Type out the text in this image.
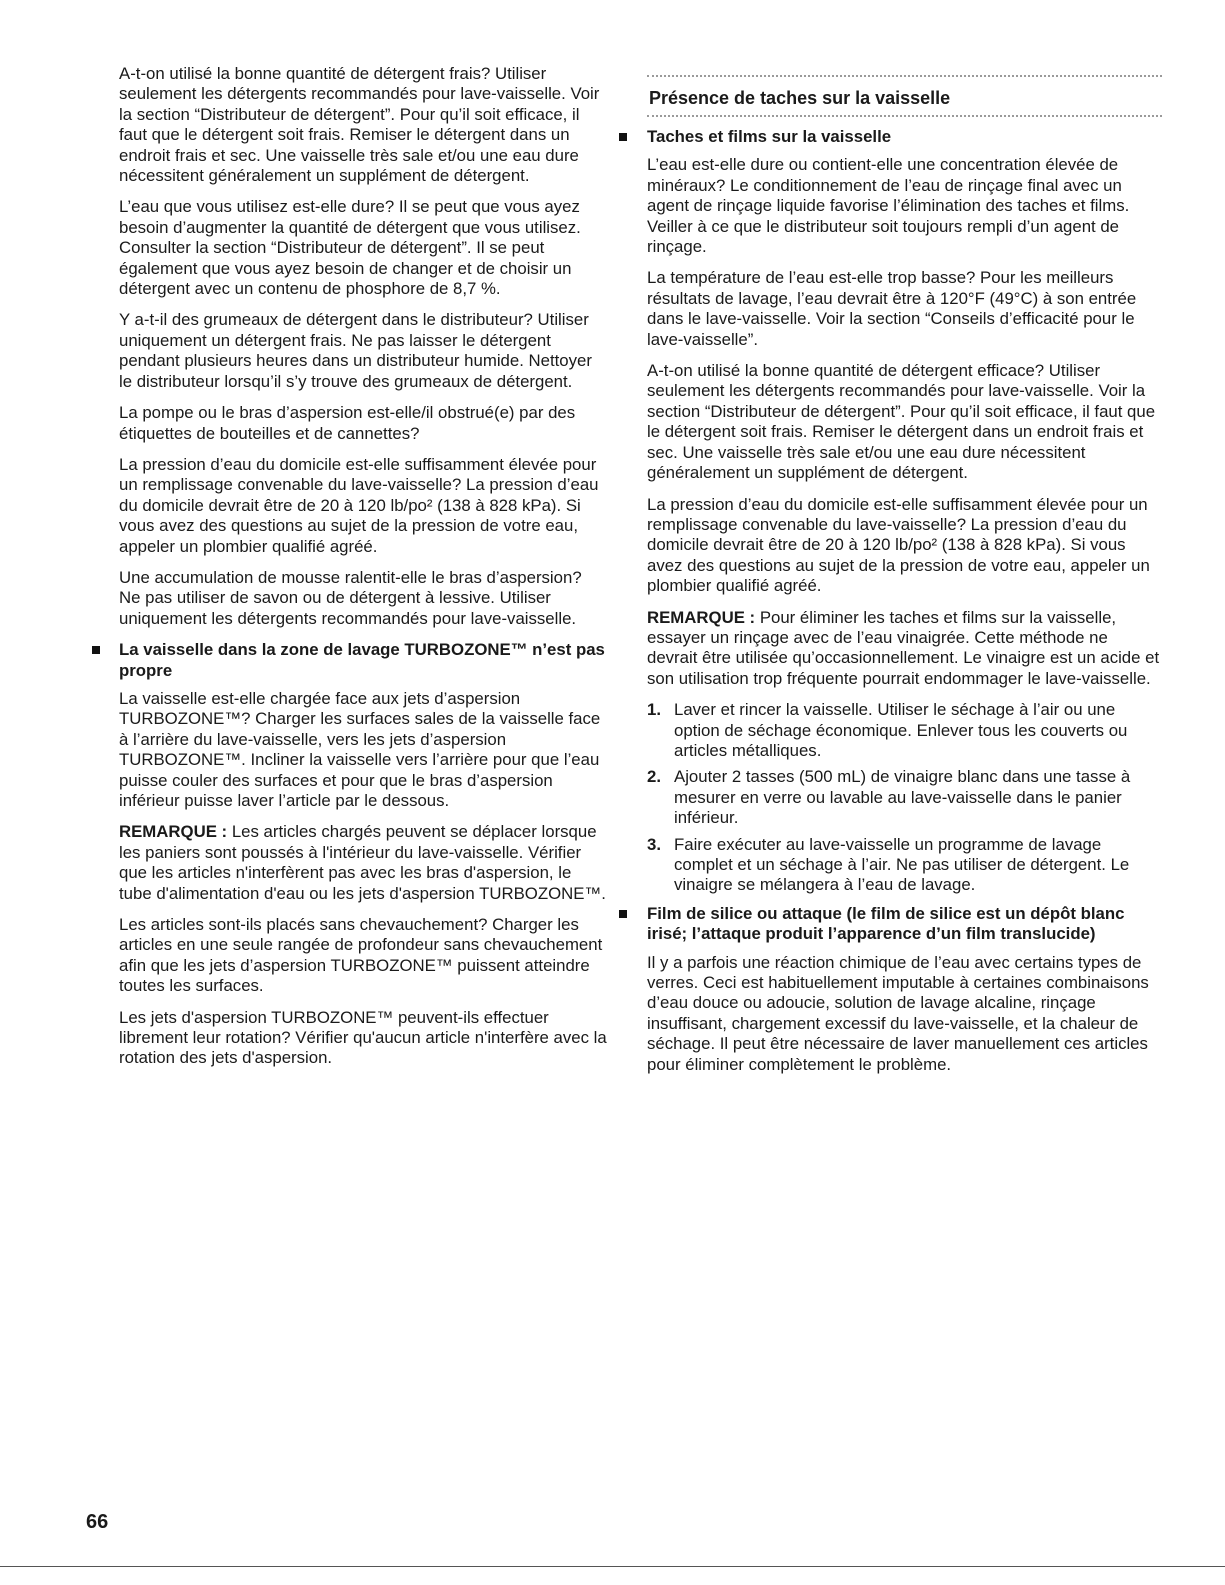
A-t-on utilisé la bonne quantité de détergent frais? Utiliser seulement les détergents recommandés pour lave-vaisselle. Voir la section “Distributeur de détergent”. Pour qu’il soit efficace, il faut que le détergent soit frais. Remiser le détergent dans un endroit frais et sec. Une vaisselle très sale et/ou une eau dure nécessitent généralement un supplément de détergent.

L’eau que vous utilisez est-elle dure? Il se peut que vous ayez besoin d’augmenter la quantité de détergent que vous utilisez. Consulter la section “Distributeur de détergent”. Il se peut également que vous ayez besoin de changer et de choisir un détergent avec un contenu de phosphore de 8,7 %.

Y a-t-il des grumeaux de détergent dans le distributeur? Utiliser uniquement un détergent frais. Ne pas laisser le détergent pendant plusieurs heures dans un distributeur humide. Nettoyer le distributeur lorsqu’il s’y trouve des grumeaux de détergent.

La pompe ou le bras d’aspersion est-elle/il obstrué(e) par des étiquettes de bouteilles et de cannettes?

La pression d’eau du domicile est-elle suffisamment élevée pour un remplissage convenable du lave-vaisselle? La pression d’eau du domicile devrait être de 20 à 120 lb/po² (138 à 828 kPa). Si vous avez des questions au sujet de la pression de votre eau, appeler un plombier qualifié agréé.

Une accumulation de mousse ralentit-elle le bras d’aspersion? Ne pas utiliser de savon ou de détergent à lessive. Utiliser uniquement les détergents recommandés pour lave-vaisselle.

La vaisselle dans la zone de lavage TURBOZONE™ n’est pas propre

La vaisselle est-elle chargée face aux jets d’aspersion TURBOZONE™? Charger les surfaces sales de la vaisselle face à l’arrière du lave-vaisselle, vers les jets d’aspersion TURBOZONE™. Incliner la vaisselle vers l’arrière pour que l’eau puisse couler des surfaces et pour que le bras d’aspersion inférieur puisse laver l’article par le dessous.

REMARQUE : Les articles chargés peuvent se déplacer lorsque les paniers sont poussés à l'intérieur du lave-vaisselle. Vérifier que les articles n'interfèrent pas avec les bras d'aspersion, le tube d'alimentation d'eau ou les jets d'aspersion TURBOZONE™.

Les articles sont-ils placés sans chevauchement? Charger les articles en une seule rangée de profondeur sans chevauchement afin que les jets d’aspersion TURBOZONE™ puissent atteindre toutes les surfaces.

Les jets d'aspersion TURBOZONE™ peuvent-ils effectuer librement leur rotation? Vérifier qu'aucun article n'interfère avec la rotation des jets d'aspersion.

Présence de taches sur la vaisselle
Taches et films sur la vaisselle

L’eau est-elle dure ou contient-elle une concentration élevée de minéraux? Le conditionnement de l’eau de rinçage final avec un agent de rinçage liquide favorise l’élimination des taches et films. Veiller à ce que le distributeur soit toujours rempli d’un agent de rinçage.

La température de l’eau est-elle trop basse? Pour les meilleurs résultats de lavage, l’eau devrait être à 120°F (49°C) à son entrée dans le lave-vaisselle. Voir la section “Conseils d’efficacité pour le lave-vaisselle”.

A-t-on utilisé la bonne quantité de détergent efficace? Utiliser seulement les détergents recommandés pour lave-vaisselle. Voir la section “Distributeur de détergent”. Pour qu’il soit efficace, il faut que le détergent soit frais. Remiser le détergent dans un endroit frais et sec. Une vaisselle très sale et/ou une eau dure nécessitent généralement un supplément de détergent.

La pression d’eau du domicile est-elle suffisamment élevée pour un remplissage convenable du lave-vaisselle? La pression d’eau du domicile devrait être de 20 à 120 lb/po² (138 à 828 kPa). Si vous avez des questions au sujet de la pression de votre eau, appeler un plombier qualifié agréé.

REMARQUE : Pour éliminer les taches et films sur la vaisselle, essayer un rinçage avec de l’eau vinaigrée. Cette méthode ne devrait être utilisée qu’occasionnellement. Le vinaigre est un acide et son utilisation trop fréquente pourrait endommager le lave-vaisselle.

1. Laver et rincer la vaisselle. Utiliser le séchage à l’air ou une option de séchage économique. Enlever tous les couverts ou articles métalliques.
2. Ajouter 2 tasses (500 mL) de vinaigre blanc dans une tasse à mesurer en verre ou lavable au lave-vaisselle dans le panier inférieur.
3. Faire exécuter au lave-vaisselle un programme de lavage complet et un séchage à l’air. Ne pas utiliser de détergent. Le vinaigre se mélangera à l’eau de lavage.
Film de silice ou attaque (le film de silice est un dépôt blanc irisé; l’attaque produit l’apparence d’un film translucide)

Il y a parfois une réaction chimique de l’eau avec certains types de verres. Ceci est habituellement imputable à certaines combinaisons d’eau douce ou adoucie, solution de lavage alcaline, rinçage insuffisant, chargement excessif du lave-vaisselle, et la chaleur de séchage. Il peut être nécessaire de laver manuellement ces articles pour éliminer complètement le problème.

66
